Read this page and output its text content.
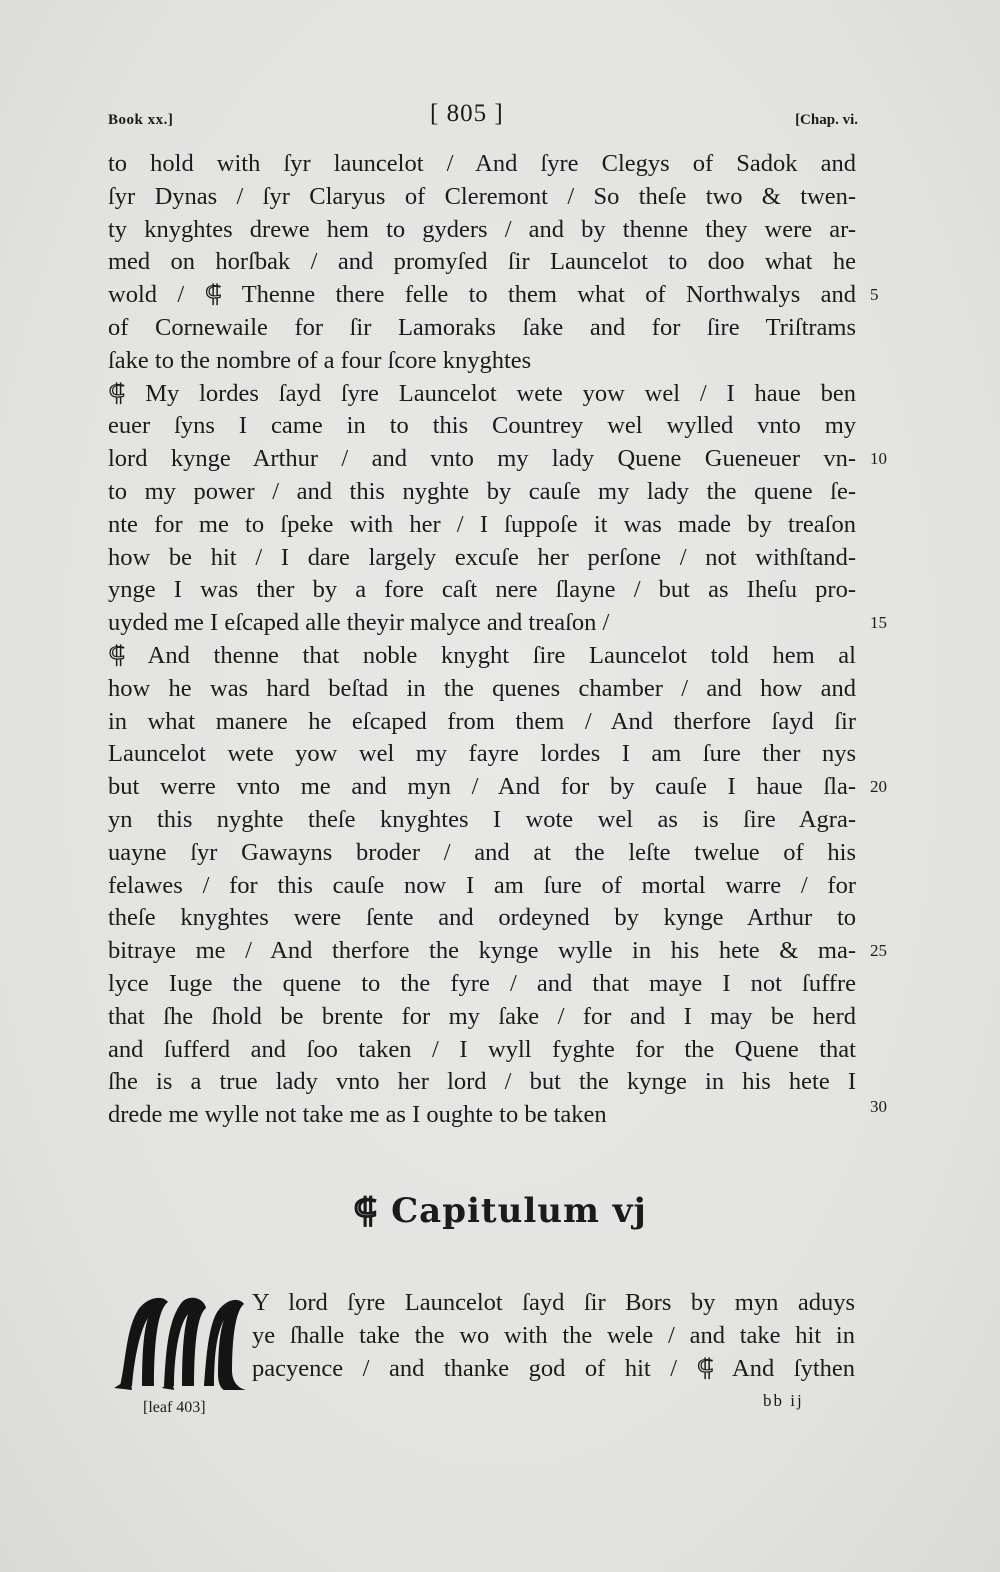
Book xx.]	[ 805 ]	[Chap. vi.
to hold with ſyr launcelot / And ſyre Clegys of Sadok and
ſyr Dynas / ſyr Claryus of Cleremont / So theſe two & twen-
ty knyghtes drewe hem to gyders / and by thenne they were ar-
med on horſbak / and promyſed ſir Launcelot to doo what he
wold / ⸿ Thenne there felle to them what of Northwalys and
of Cornewaile for ſir Lamoraks ſake and for ſire Triſtrams
ſake to the nombre of a four ſcore knyghtes
⸿ My lordes ſayd ſyre Launcelot wete yow wel / I haue ben
euer ſyns I came in to this Countrey wel wylled vnto my
lord kynge Arthur / and vnto my lady Quene Gueneuer vn-
to my power / and this nyghte by cauſe my lady the quene ſe-
nte for me to ſpeke with her / I ſuppoſe it was made by treaſon
how be hit / I dare largely excuſe her perſone / not withſtand-
ynge I was ther by a fore caſt nere ſlayne / but as Iheſu pro-
uyded me I eſcaped alle theyir malyce and treaſon /
⸿ And thenne that noble knyght ſire Launcelot told hem al
how he was hard beſtad in the quenes chamber / and how and
in what manere he eſcaped from them / And therfore ſayd ſir
Launcelot wete yow wel my fayre lordes I am ſure ther nys
but werre vnto me and myn / And for by cauſe I haue ſla-
yn this nyghte theſe knyghtes I wote wel as is ſire Agra-
uayne ſyr Gawayns broder / and at the leſte twelue of his
felawes / for this cauſe now I am ſure of mortal warre / for
theſe knyghtes were ſente and ordeyned by kynge Arthur to
bitraye me / And therfore the kynge wylle in his hete & ma-
lyce Iuge the quene to the fyre / and that maye I not ſuffre
that ſhe ſhold be brente for my ſake / for and I may be herd
and ſufferd and ſoo taken / I wyll fyghte for the Quene that
ſhe is a true lady vnto her lord / but the kynge in his hete I
drede me wylle not take me as I oughte to be taken
5
10
15
20
25
30
⸿ Capitulum vj
Y lord ſyre Launcelot ſayd ſir Bors by myn aduys
ye ſhalle take the wo with the wele / and take hit in
pacyence / and thanke god of hit / ⸿ And ſythen
[leaf 403]	bb ij
